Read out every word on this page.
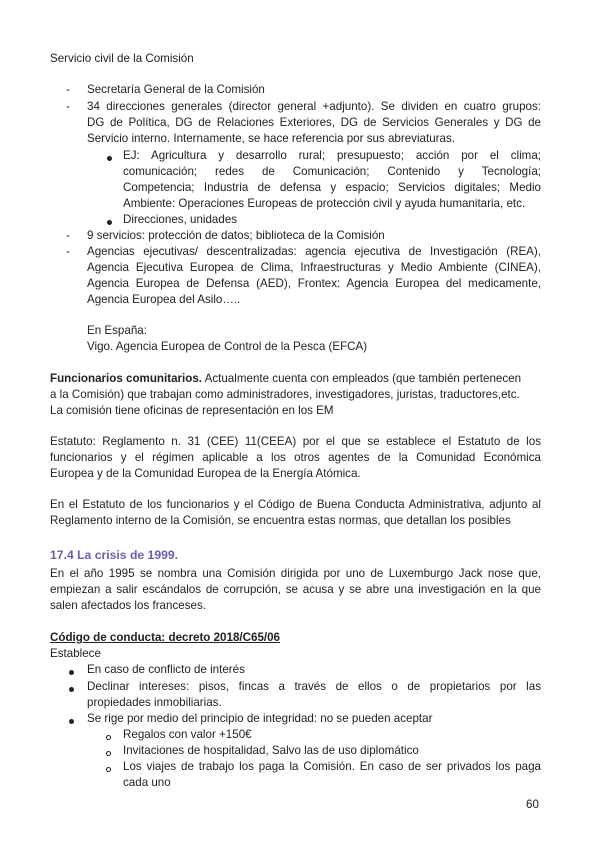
Servicio civil de la Comisión
- Secretaría General de la Comisión
- 34 direcciones generales (director general +adjunto). Se dividen en cuatro grupos:
DG de Política, DG de Relaciones Exteriores, DG de Servicios Generales y DG de
Servicio interno. Internamente, se hace referencia por sus abreviaturas.
EJ: Agricultura y desarrollo rural; presupuesto; acción por el clima;
comunicación; redes de Comunicación; Contenido y Tecnología;
Competencia; Industria de defensa y espacio; Servicios digitales; Medio
Ambiente: Operaciones Europeas de protección civil y ayuda humanitaria, etc.
Direcciones, unidades
- 9 servicios: protección de datos; biblioteca de la Comisión
- Agencias ejecutivas/ descentralizadas: agencia ejecutiva de Investigación (REA),
Agencia Ejecutiva Europea de Clima, Infraestructuras y Medio Ambiente (CINEA),
Agencia Europea de Defensa (AED), Frontex: Agencia Europea del medicamente,
Agencia Europea del Asilo…..
En España:
Vigo. Agencia Europea de Control de la Pesca (EFCA)
Funcionarios comunitarios. Actualmente cuenta con empleados (que también pertenecen
a la Comisión) que trabajan como administradores, investigadores, juristas, traductores,etc.
La comisión tiene oficinas de representación en los EM
Estatuto: Reglamento n. 31 (CEE) 11(CEEA) por el que se establece el Estatuto de los
funcionarios y el régimen aplicable a los otros agentes de la Comunidad Económica
Europea y de la Comunidad Europea de la Energía Atómica.
En el Estatuto de los funcionarios y el Código de Buena Conducta Administrativa, adjunto al
Reglamento interno de la Comisión, se encuentra estas normas, que detallan los posibles
17.4 La crisis de 1999.
En el año 1995 se nombra una Comisión dirigida por uno de Luxemburgo Jack nose que,
empiezan a salir escándalos de corrupción, se acusa y se abre una investigación en la que
salen afectados los franceses.
Código de conducta: decreto 2018/C65/06
Establece
En caso de conflicto de interés
Declinar intereses: pisos, fincas a través de ellos o de propietarios por las
propiedades inmobiliarias.
Se rige por medio del principio de integridad: no se pueden aceptar
Regalos con valor +150€
Invitaciones de hospitalidad, Salvo las de uso diplomático
Los viajes de trabajo los paga la Comisión. En caso de ser privados los paga
cada uno
60
